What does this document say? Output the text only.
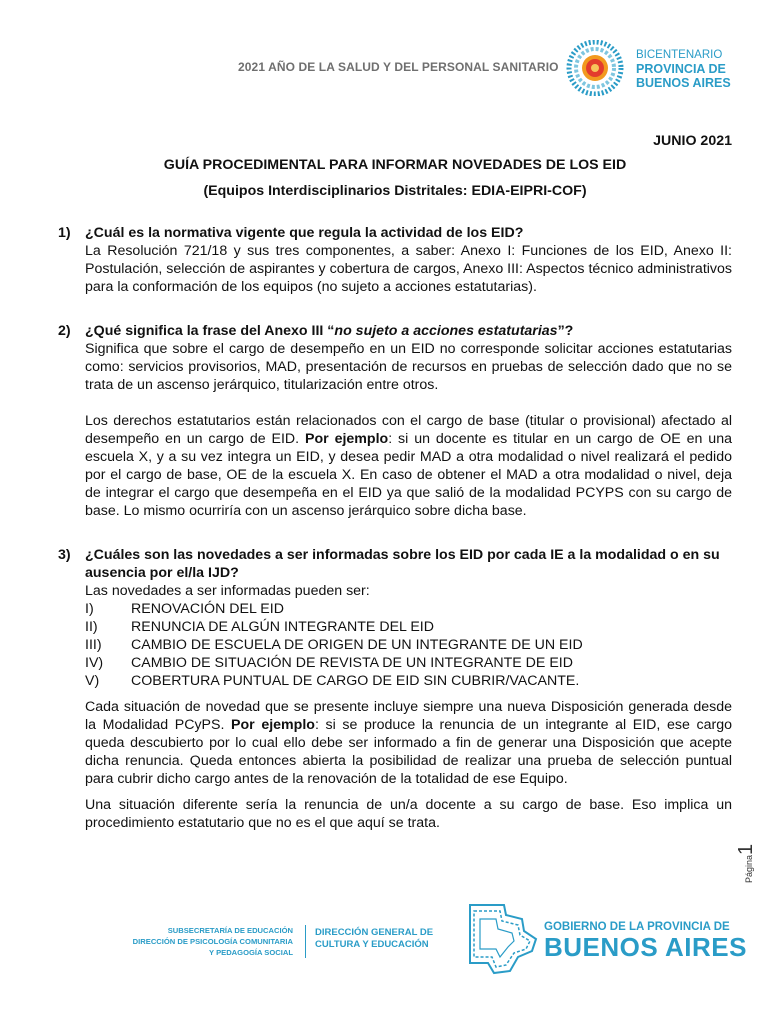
2021 AÑO DE LA SALUD Y DEL PERSONAL SANITARIO
BICENTENARIO
PROVINCIA DE
BUENOS AIRES
JUNIO 2021
GUÍA PROCEDIMENTAL PARA INFORMAR NOVEDADES DE LOS EID
(Equipos Interdisciplinarios Distritales: EDIA-EIPRI-COF)
1)	¿Cuál es la normativa vigente que regula la actividad de los EID?

La Resolución 721/18 y sus tres componentes, a saber: Anexo I: Funciones de los EID, Anexo II: Postulación, selección de aspirantes y cobertura de cargos, Anexo III: Aspectos técnico administrativos para la conformación de los equipos (no sujeto a acciones estatutarias).

2)	¿Qué significa la frase del Anexo III “no sujeto a acciones estatutarias”?

Significa que sobre el cargo de desempeño en un EID no corresponde solicitar acciones estatutarias como: servicios provisorios, MAD, presentación de recursos en pruebas de selección dado que no se trata de un ascenso jerárquico, titularización entre otros.

Los derechos estatutarios están relacionados con el cargo de base (titular o provisional) afectado al desempeño en un cargo de EID. Por ejemplo: si un docente es titular en un cargo de OE en una escuela X, y a su vez integra un EID, y desea pedir MAD a otra modalidad o nivel realizará el pedido por el cargo de base, OE de la escuela X. En caso de obtener el MAD a otra modalidad o nivel, deja de integrar el cargo que desempeña en el EID ya que salió de la modalidad PCYPS con su cargo de base. Lo mismo ocurriría con un ascenso jerárquico sobre dicha base.

3)	¿Cuáles son las novedades a ser informadas sobre los EID por cada IE a la modalidad o en su ausencia por el/la IJD?
Las novedades a ser informadas pueden ser:
I)	RENOVACIÓN DEL EID
II)	RENUNCIA DE ALGÚN INTEGRANTE DEL EID
III)	CAMBIO DE ESCUELA DE ORIGEN DE UN INTEGRANTE DE UN EID
IV)	CAMBIO DE SITUACIÓN DE REVISTA DE UN INTEGRANTE DE EID
V)	COBERTURA PUNTUAL DE CARGO DE EID SIN CUBRIR/VACANTE.

Cada situación de novedad que se presente incluye siempre una nueva Disposición generada desde la Modalidad PCyPS. Por ejemplo: si se produce la renuncia de un integrante al EID, ese cargo queda descubierto por lo cual ello debe ser informado a fin de generar una Disposición que acepte dicha renuncia. Queda entonces abierta la posibilidad de realizar una prueba de selección puntual para cubrir dicho cargo antes de la renovación de la totalidad de ese Equipo.

Una situación diferente sería la renuncia de un/a docente a su cargo de base. Eso implica un procedimiento estatutario que no es el que aquí se trata.

Página1
SUBSECRETARÍA DE EDUCACIÓN
DIRECCIÓN DE PSICOLOGÍA COMUNITARIA
Y PEDAGOGÍA SOCIAL
DIRECCIÓN GENERAL DE
CULTURA Y EDUCACIÓN
GOBIERNO DE LA PROVINCIA DE
BUENOS AIRES
